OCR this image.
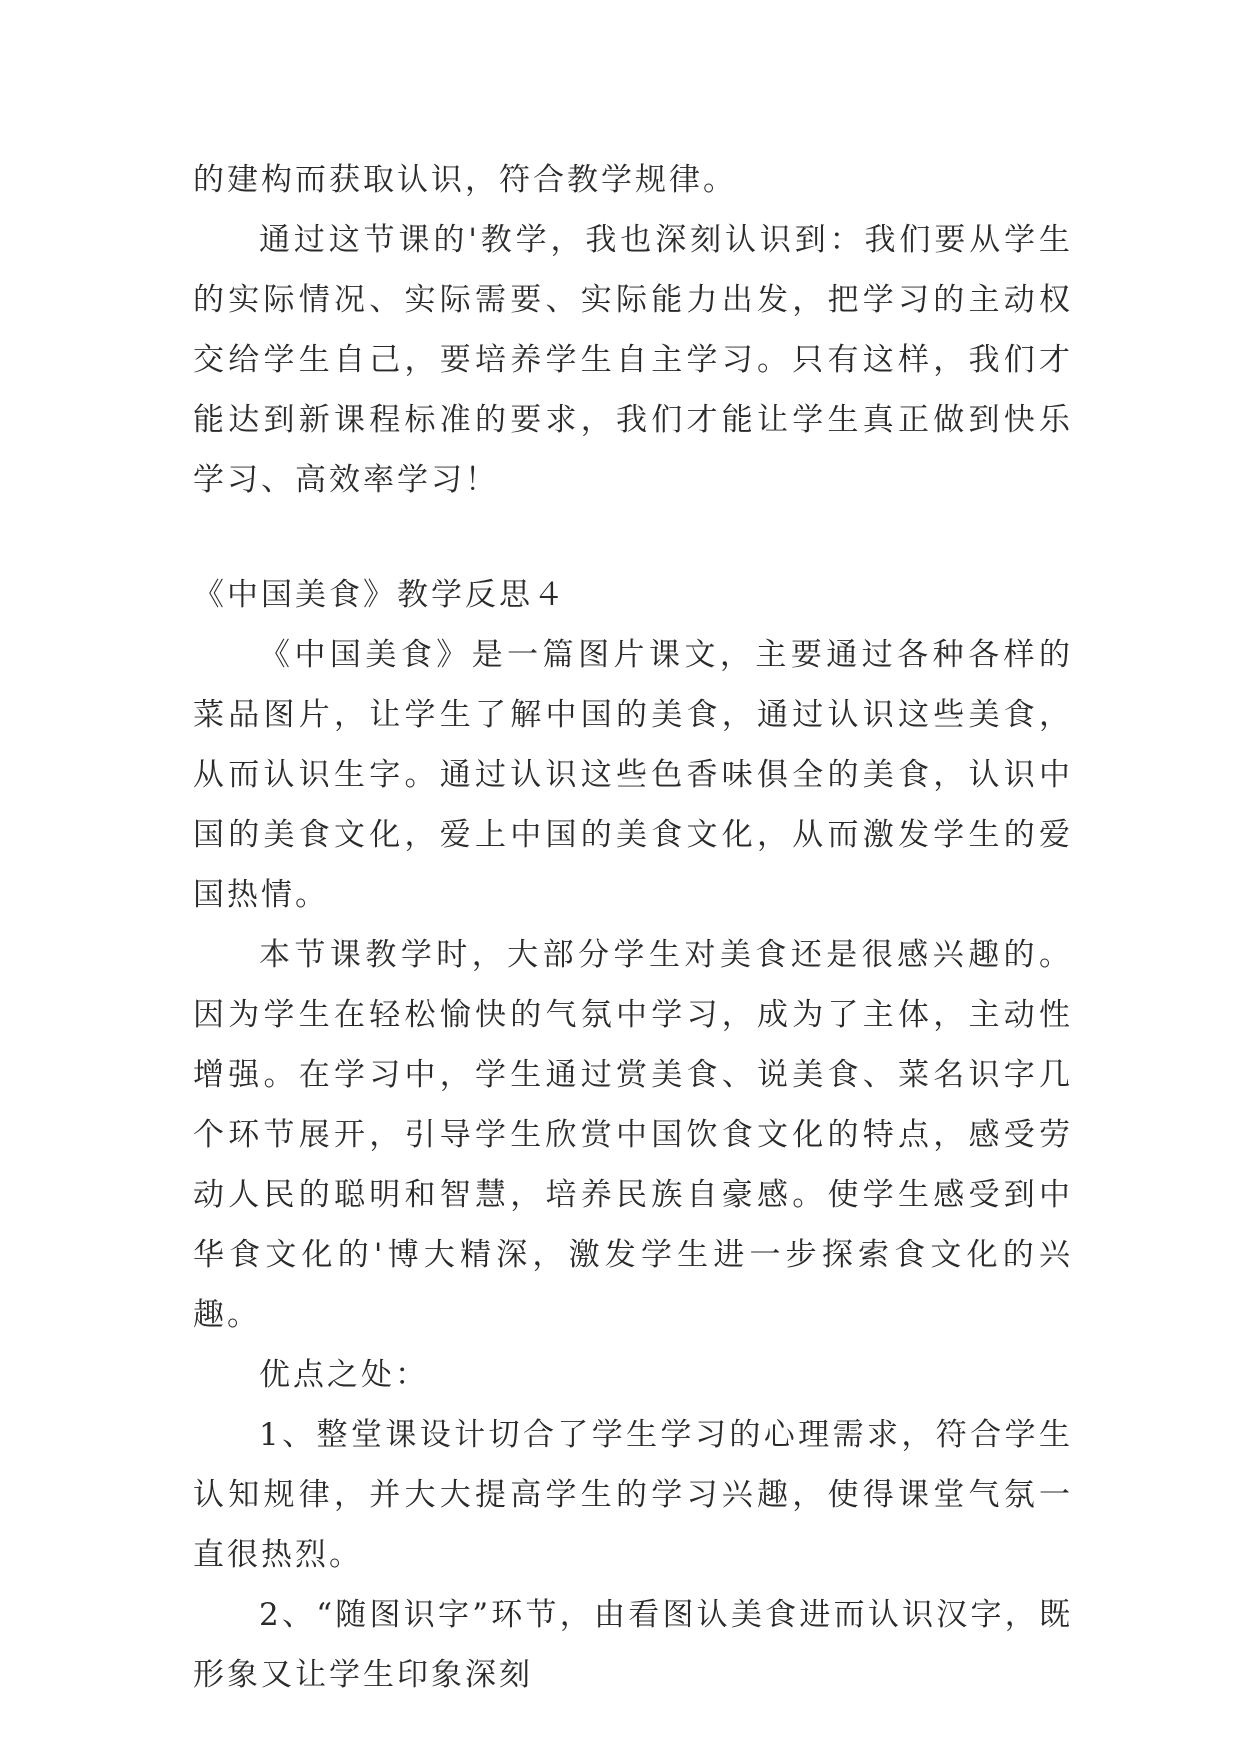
的建构而获取认识，符合教学规律。

通过这节课的'教学，我也深刻认识到：我们要从学生的实际情况、实际需要、实际能力出发，把学习的主动权交给学生自己，要培养学生自主学习。只有这样，我们才能达到新课程标准的要求，我们才能让学生真正做到快乐学习、高效率学习！

《中国美食》教学反思４

《中国美食》是一篇图片课文，主要通过各种各样的菜品图片，让学生了解中国的美食，通过认识这些美食，从而认识生字。通过认识这些色香味俱全的美食，认识中国的美食文化，爱上中国的美食文化，从而激发学生的爱国热情。

本节课教学时，大部分学生对美食还是很感兴趣的。因为学生在轻松愉快的气氛中学习，成为了主体，主动性增强。在学习中，学生通过赏美食、说美食、菜名识字几个环节展开，引导学生欣赏中国饮食文化的特点，感受劳动人民的聪明和智慧，培养民族自豪感。使学生感受到中华食文化的'博大精深，激发学生进一步探索食文化的兴趣。

优点之处：

1、整堂课设计切合了学生学习的心理需求，符合学生认知规律，并大大提高学生的学习兴趣，使得课堂气氛一直很热烈。

2、“随图识字”环节，由看图认美食进而认识汉字，既形象又让学生印象深刻
